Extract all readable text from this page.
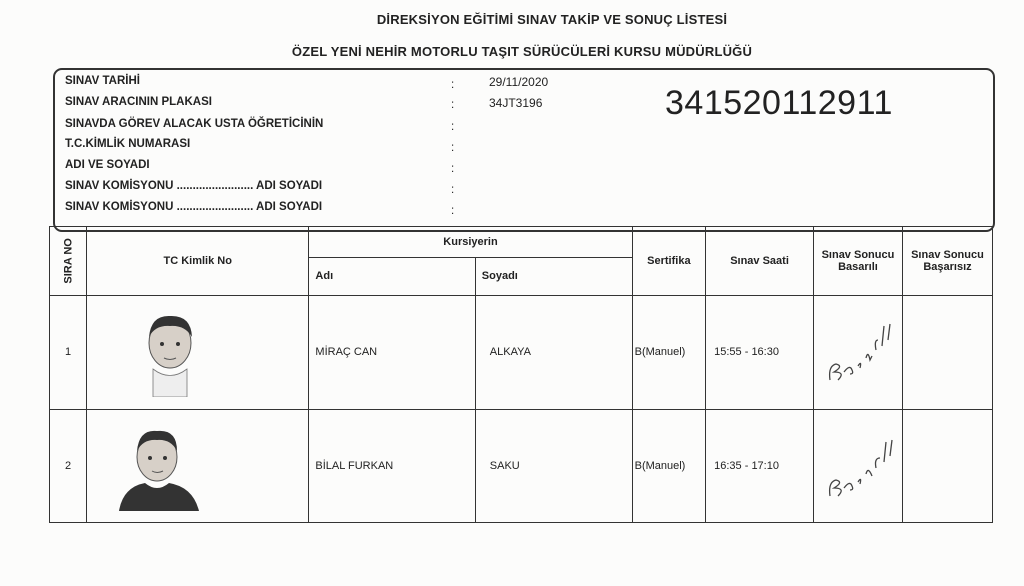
DİREKSİYON EĞİTİMİ SINAV TAKİP VE SONUÇ LİSTESİ
ÖZEL YENİ NEHİR MOTORLU TAŞIT SÜRÜCÜLERİ KURSU MÜDÜRLÜĞÜ
SINAV TARİHİ	:	29/11/2020
SINAV ARACININ PLAKASI	:	34JT3196
SINAVDA GÖREV ALACAK USTA ÖĞRETİCİNİN	:
T.C.KİMLİK NUMARASI	:
ADI VE SOYADI	:
SINAV KOMİSYONU ........................ ADI SOYADI	:
SINAV KOMİSYONU ........................ ADI SOYADI	:
341520112911
SIRA NO	TC Kimlik No	Kursiyerin		Sertifika	Sınav Saati	Sınav Sonucu Basarılı	Sınav Sonucu Başarısız
		Adı	Soyadı				
1		MİRAÇ CAN	ALKAYA	B(Manuel)	15:55 - 16:30	

2		BİLAL FURKAN	SAKU	B(Manuel)	16:35 - 17:10	
